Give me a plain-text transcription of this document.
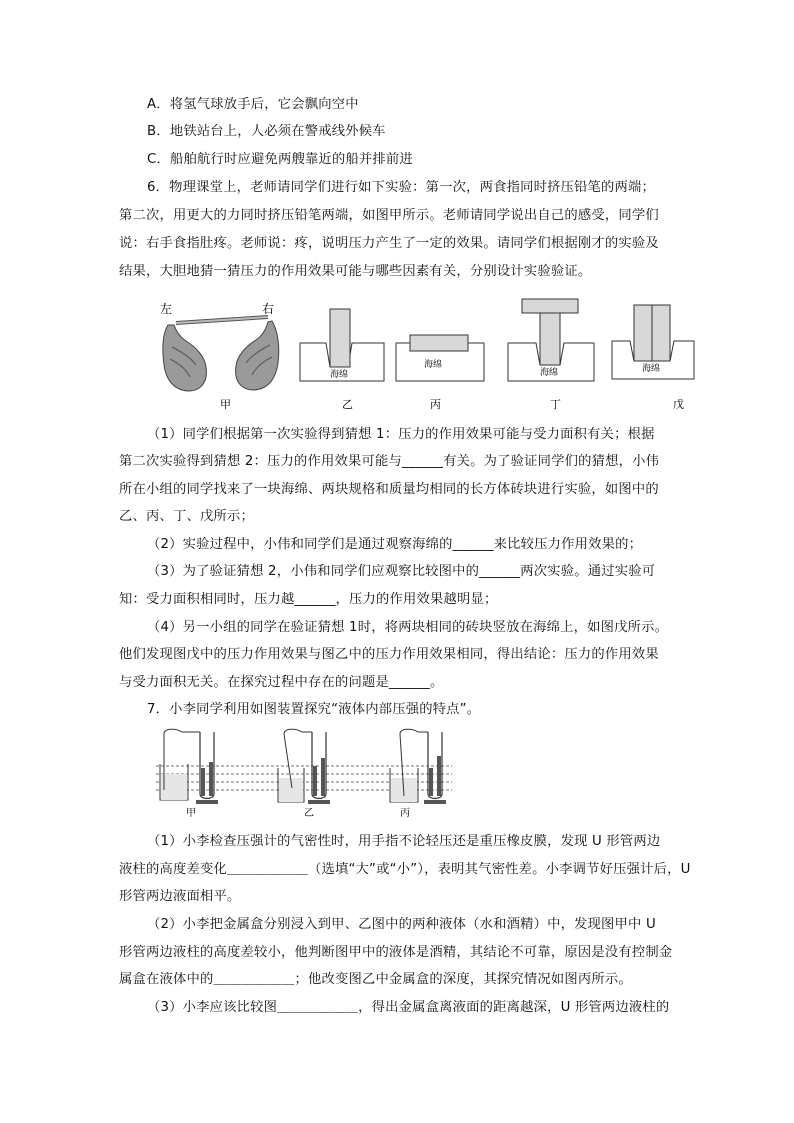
A．将氢气球放手后，它会飘向空中
B．地铁站台上，人必须在警戒线外候车
C．船舶航行时应避免两艘靠近的船并排前进
6．物理课堂上，老师请同学们进行如下实验：第一次，两食指同时挤压铅笔的两端；
第二次，用更大的力同时挤压铅笔两端，如图甲所示。老师请同学说出自己的感受，同学们
说：右手食指肚疼。老师说：疼，说明压力产生了一定的效果。请同学们根据刚才的实验及
结果，大胆地猜一猜压力的作用效果可能与哪些因素有关，分别设计实验验证。
左	右
甲
海绵
乙
海绵
丙
海绵
丁
海绵
戊
（1）同学们根据第一次实验得到猜想 1：压力的作用效果可能与受力面积有关；根据
第二次实验得到猜想 2：压力的作用效果可能与______有关。为了验证同学们的猜想，小伟
所在小组的同学找来了一块海绵、两块规格和质量均相同的长方体砖块进行实验，如图中的
乙、丙、丁、戊所示；
（2）实验过程中，小伟和同学们是通过观察海绵的______来比较压力作用效果的；
（3）为了验证猜想 2，小伟和同学们应观察比较图中的______两次实验。通过实验可
知：受力面积相同时，压力越______，压力的作用效果越明显；
（4）另一小组的同学在验证猜想 1时，将两块相同的砖块竖放在海绵上，如图戊所示。
他们发现图戊中的压力作用效果与图乙中的压力作用效果相同，得出结论：压力的作用效果
与受力面积无关。在探究过程中存在的问题是______。
7．小李同学利用如图装置探究“液体内部压强的特点”。
甲	乙	丙
（1）小李检查压强计的气密性时，用手指不论轻压还是重压橡皮膜，发现 U 形管两边
液柱的高度差变化＿＿＿＿＿＿（选填“大”或“小”），表明其气密性差。小李调节好压强计后，U
形管两边液面相平。
（2）小李把金属盒分别浸入到甲、乙图中的两种液体（水和酒精）中，发现图甲中 U
形管两边液柱的高度差较小，他判断图甲中的液体是酒精，其结论不可靠，原因是没有控制金
属盒在液体中的＿＿＿＿＿＿；他改变图乙中金属盒的深度，其探究情况如图丙所示。
（3）小李应该比较图＿＿＿＿＿＿，得出金属盒离液面的距离越深，U 形管两边液柱的
